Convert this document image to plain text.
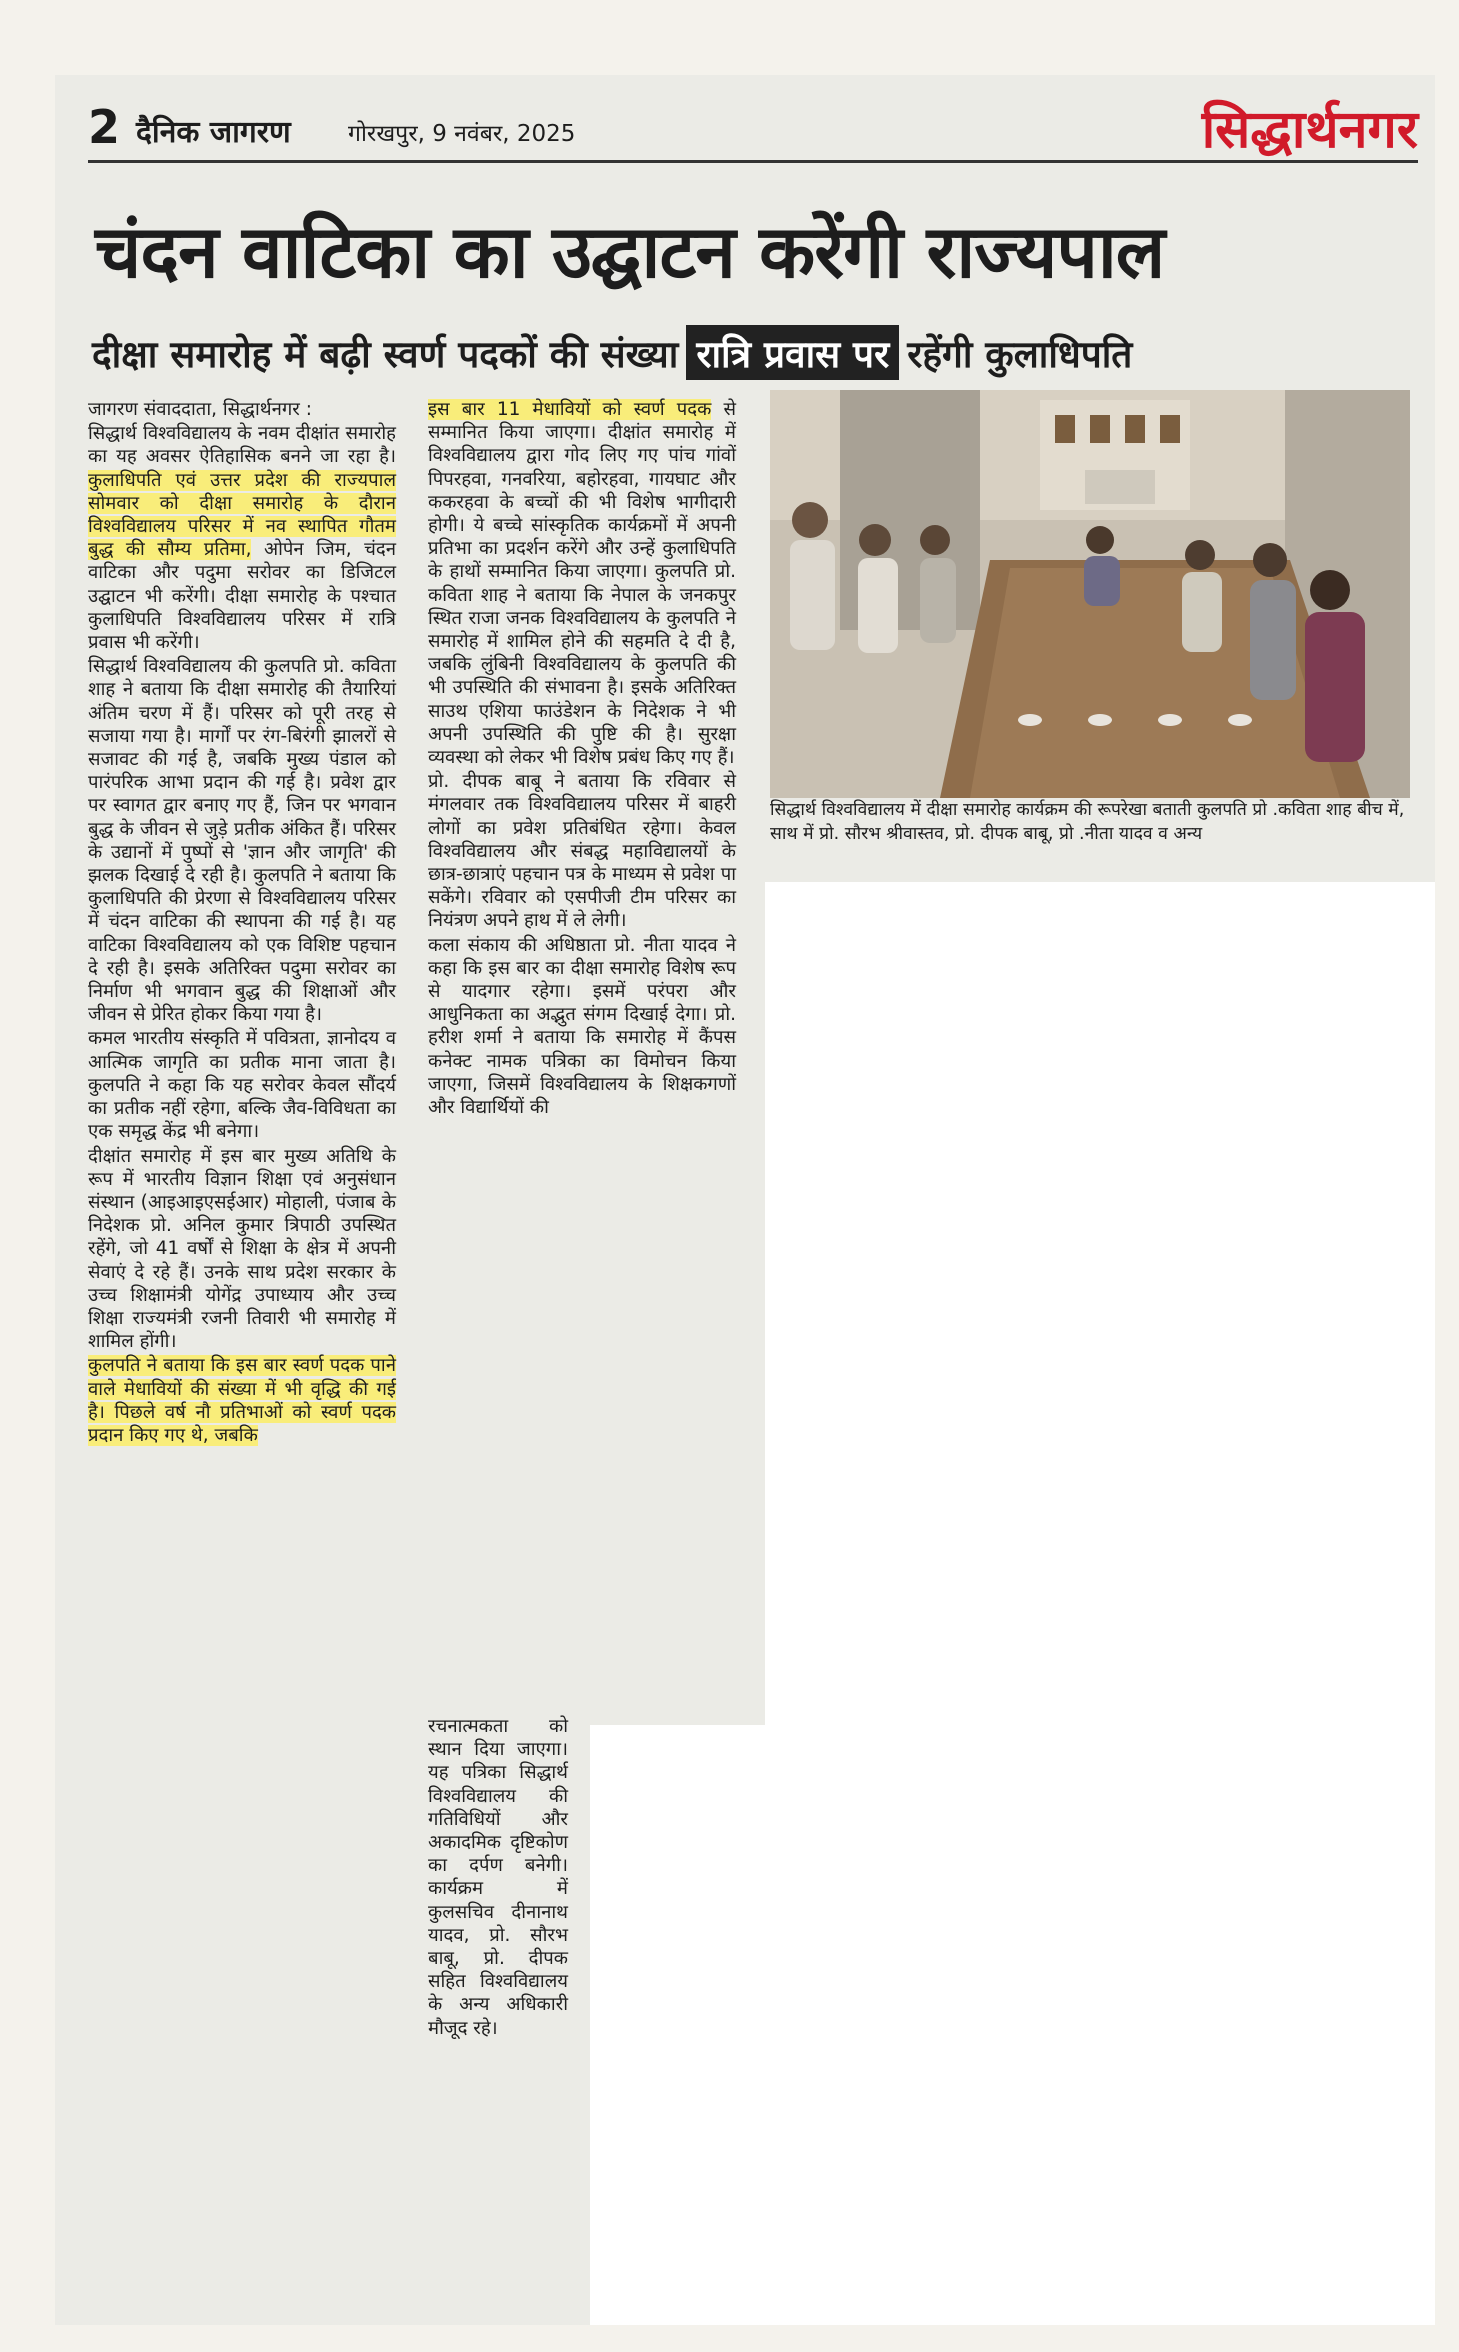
2 दैनिक जागरण गोरखपुर, 9 नवंबर, 2025	सिद्धार्थनगर
चंदन वाटिका का उद्घाटन करेंगी राज्यपाल
दीक्षा समारोह में बढ़ी स्वर्ण पदकों की संख्या रात्रि प्रवास पर रहेंगी कुलाधिपति

जागरण संवाददाता, सिद्धार्थनगर :

सिद्धार्थ विश्वविद्यालय के नवम दीक्षांत समारोह का यह अवसर ऐतिहासिक बनने जा रहा है। कुलाधिपति एवं उत्तर प्रदेश की राज्यपाल सोमवार को दीक्षा समारोह के दौरान विश्वविद्यालय परिसर में नव स्थापित गौतम बुद्ध की सौम्य प्रतिमा, ओपेन जिम, चंदन वाटिका और पदुमा सरोवर का डिजिटल उद्घाटन भी करेंगी। दीक्षा समारोह के पश्चात कुलाधिपति विश्वविद्यालय परिसर में रात्रि प्रवास भी करेंगी।

सिद्धार्थ विश्वविद्यालय की कुलपति प्रो. कविता शाह ने बताया कि दीक्षा समारोह की तैयारियां अंतिम चरण में हैं। परिसर को पूरी तरह से सजाया गया है। मार्गों पर रंग-बिरंगी झालरों से सजावट की गई है, जबकि मुख्य पंडाल को पारंपरिक आभा प्रदान की गई है। प्रवेश द्वार पर स्वागत द्वार बनाए गए हैं, जिन पर भगवान बुद्ध के जीवन से जुड़े प्रतीक अंकित हैं। परिसर के उद्यानों में पुष्पों से 'ज्ञान और जागृति' की झलक दिखाई दे रही है। कुलपति ने बताया कि कुलाधिपति की प्रेरणा से विश्वविद्यालय परिसर में चंदन वाटिका की स्थापना की गई है। यह वाटिका विश्वविद्यालय को एक विशिष्ट पहचान दे रही है। इसके अतिरिक्त पदुमा सरोवर का निर्माण भी भगवान बुद्ध की शिक्षाओं और जीवन से प्रेरित होकर किया गया है।

कमल भारतीय संस्कृति में पवित्रता, ज्ञानोदय व आत्मिक जागृति का प्रतीक माना जाता है। कुलपति ने कहा कि यह सरोवर केवल सौंदर्य का प्रतीक नहीं रहेगा, बल्कि जैव-विविधता का एक समृद्ध केंद्र भी बनेगा।

दीक्षांत समारोह में इस बार मुख्य अतिथि के रूप में भारतीय विज्ञान शिक्षा एवं अनुसंधान संस्थान (आइआइएसईआर) मोहाली, पंजाब के निदेशक प्रो. अनिल कुमार त्रिपाठी उपस्थित रहेंगे, जो 41 वर्षों से शिक्षा के क्षेत्र में अपनी सेवाएं दे रहे हैं। उनके साथ प्रदेश सरकार के उच्च शिक्षामंत्री योगेंद्र उपाध्याय और उच्च शिक्षा राज्यमंत्री रजनी तिवारी भी समारोह में शामिल होंगी।

कुलपति ने बताया कि इस बार स्वर्ण पदक पाने वाले मेधावियों की संख्या में भी वृद्धि की गई है। पिछले वर्ष नौ प्रतिभाओं को स्वर्ण पदक प्रदान किए गए थे, जबकि

इस बार 11 मेधावियों को स्वर्ण पदक से सम्मानित किया जाएगा। दीक्षांत समारोह में विश्वविद्यालय द्वारा गोद लिए गए पांच गांवों पिपरहवा, गनवरिया, बहोरहवा, गायघाट और ककरहवा के बच्चों की भी विशेष भागीदारी होगी। ये बच्चे सांस्कृतिक कार्यक्रमों में अपनी प्रतिभा का प्रदर्शन करेंगे और उन्हें कुलाधिपति के हाथों सम्मानित किया जाएगा। कुलपति प्रो. कविता शाह ने बताया कि नेपाल के जनकपुर स्थित राजा जनक विश्वविद्यालय के कुलपति ने समारोह में शामिल होने की सहमति दे दी है, जबकि लुंबिनी विश्वविद्यालय के कुलपति की भी उपस्थिति की संभावना है। इसके अतिरिक्त साउथ एशिया फाउंडेशन के निदेशक ने भी अपनी उपस्थिति की पुष्टि की है। सुरक्षा व्यवस्था को लेकर भी विशेष प्रबंध किए गए हैं।

प्रो. दीपक बाबू ने बताया कि रविवार से मंगलवार तक विश्वविद्यालय परिसर में बाहरी लोगों का प्रवेश प्रतिबंधित रहेगा। केवल विश्वविद्यालय और संबद्ध महाविद्यालयों के छात्र-छात्राएं पहचान पत्र के माध्यम से प्रवेश पा सकेंगे। रविवार को एसपीजी टीम परिसर का नियंत्रण अपने हाथ में ले लेगी।

कला संकाय की अधिष्ठाता प्रो. नीता यादव ने कहा कि इस बार का दीक्षा समारोह विशेष रूप से यादगार रहेगा। इसमें परंपरा और आधुनिकता का अद्भुत संगम दिखाई देगा। प्रो. हरीश शर्मा ने बताया कि समारोह में कैंपस कनेक्ट नामक पत्रिका का विमोचन किया जाएगा, जिसमें विश्वविद्यालय के शिक्षकगणों और विद्यार्थियों की

रचनात्मकता को स्थान दिया जाएगा। यह पत्रिका सिद्धार्थ विश्वविद्यालय की गतिविधियों और अकादमिक दृष्टिकोण का दर्पण बनेगी। कार्यक्रम में कुलसचिव दीनानाथ यादव, प्रो. सौरभ बाबू, प्रो. दीपक सहित विश्वविद्यालय के अन्य अधिकारी मौजूद रहे।

सिद्धार्थ विश्वविद्यालय में दीक्षा समारोह कार्यक्रम की रूपरेखा बताती कुलपति प्रो .कविता शाह बीच में, साथ में प्रो. सौरभ श्रीवास्तव, प्रो. दीपक बाबू, प्रो .नीता यादव व अन्य
